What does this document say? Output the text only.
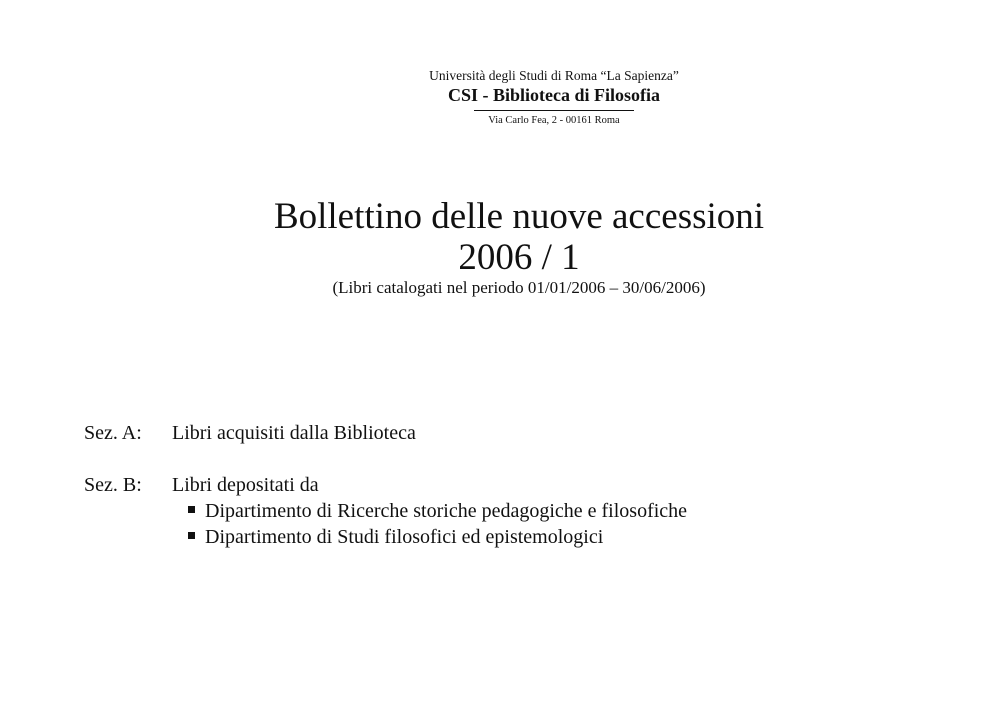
Università degli Studi di Roma “La Sapienza”
CSI - Biblioteca di Filosofia
Via Carlo Fea, 2 - 00161 Roma
Bollettino delle nuove accessioni
2006 / 1
(Libri catalogati nel periodo 01/01/2006 – 30/06/2006)
Sez. A: Libri acquisiti dalla Biblioteca
Sez. B: Libri depositati da
Dipartimento di Ricerche storiche pedagogiche e filosofiche
Dipartimento di Studi filosofici ed epistemologici
